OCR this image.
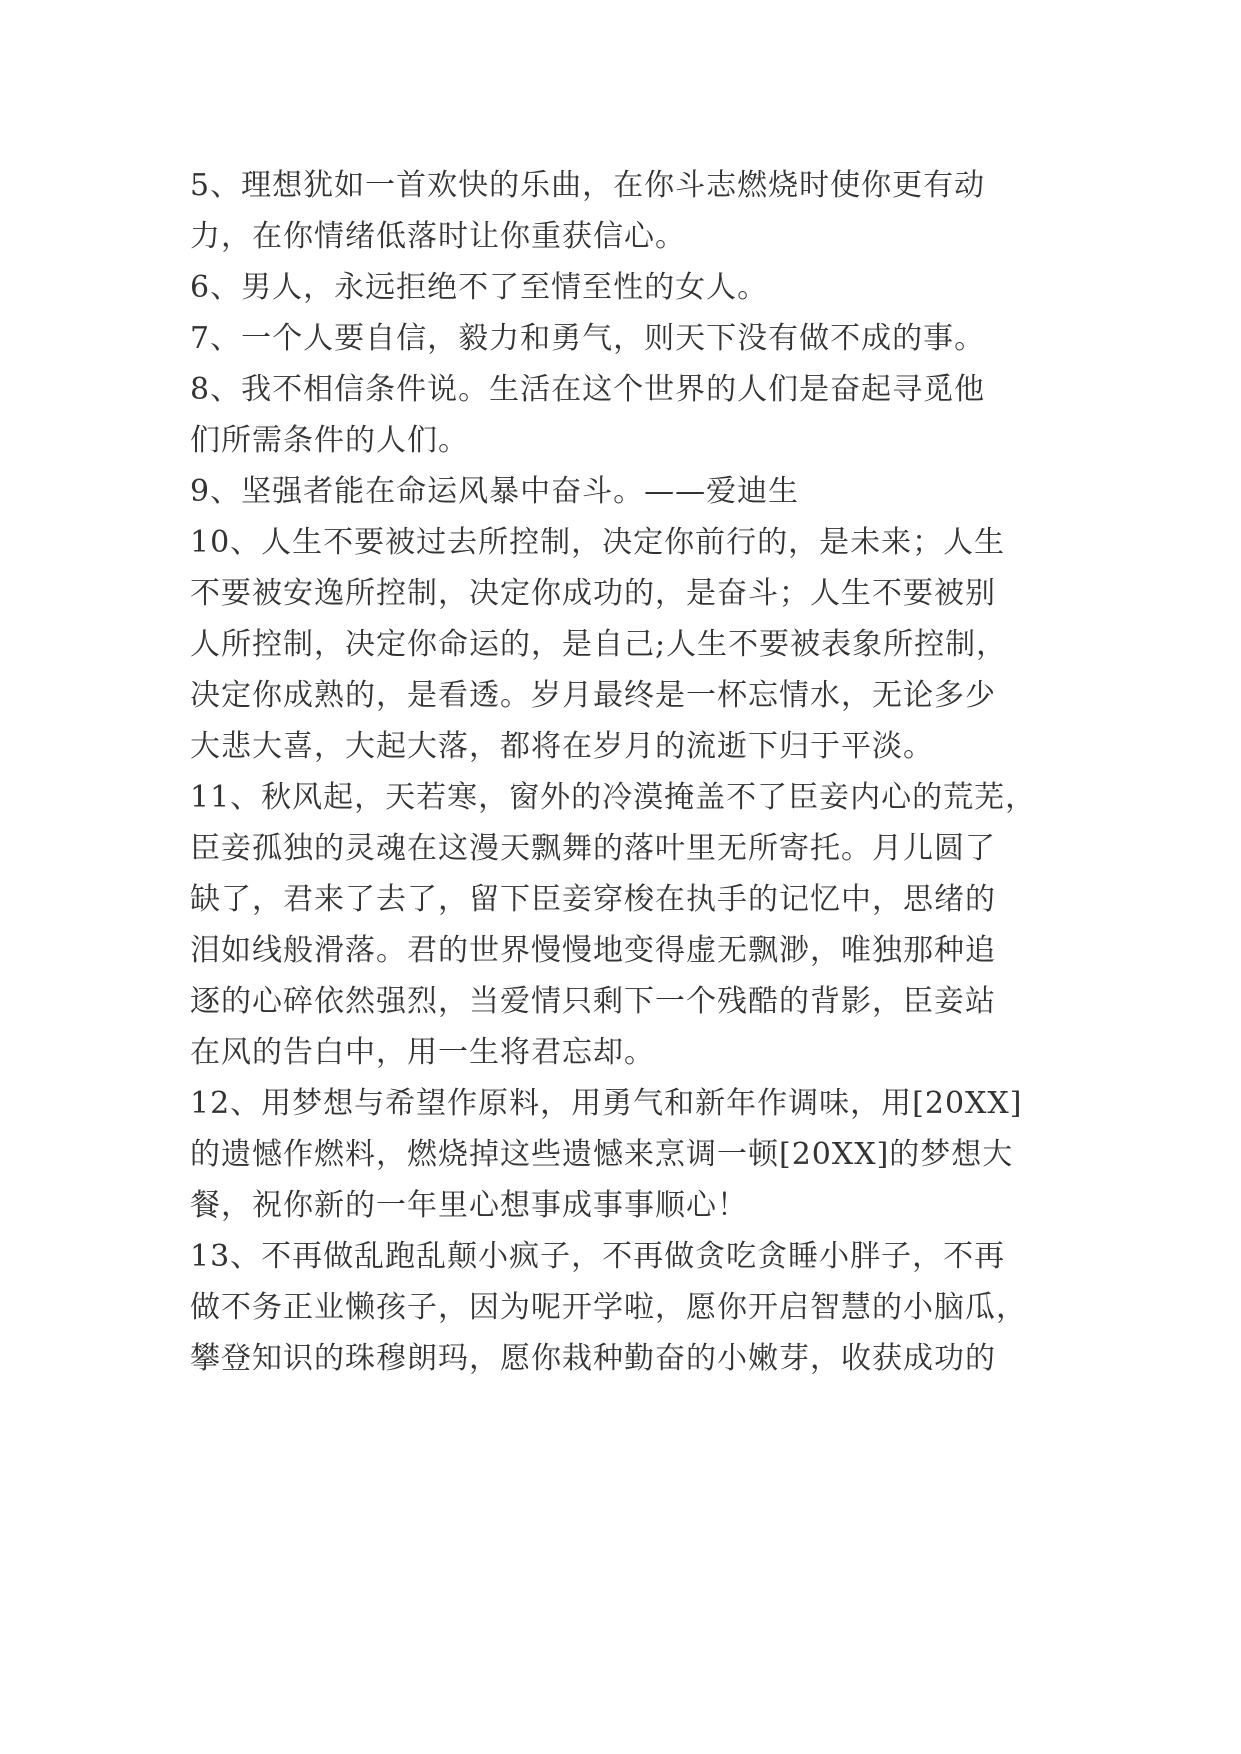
5、理想犹如一首欢快的乐曲，在你斗志燃烧时使你更有动
力，在你情绪低落时让你重获信心。

6、男人，永远拒绝不了至情至性的女人。

7、一个人要自信，毅力和勇气，则天下没有做不成的事。

8、我不相信条件说。生活在这个世界的人们是奋起寻觅他
们所需条件的人们。

9、坚强者能在命运风暴中奋斗。——爱迪生

10、人生不要被过去所控制，决定你前行的，是未来；人生
不要被安逸所控制，决定你成功的，是奋斗；人生不要被别
人所控制，决定你命运的，是自己;人生不要被表象所控制，
决定你成熟的，是看透。岁月最终是一杯忘情水，无论多少
大悲大喜，大起大落，都将在岁月的流逝下归于平淡。

11、秋风起，天若寒，窗外的冷漠掩盖不了臣妾内心的荒芜，
臣妾孤独的灵魂在这漫天飘舞的落叶里无所寄托。月儿圆了
缺了，君来了去了，留下臣妾穿梭在执手的记忆中，思绪的
泪如线般滑落。君的世界慢慢地变得虚无飘渺，唯独那种追
逐的心碎依然强烈，当爱情只剩下一个残酷的背影，臣妾站
在风的告白中，用一生将君忘却。

12、用梦想与希望作原料，用勇气和新年作调味，用[20XX]
的遗憾作燃料，燃烧掉这些遗憾来烹调一顿[20XX]的梦想大
餐，祝你新的一年里心想事成事事顺心！

13、不再做乱跑乱颠小疯子，不再做贪吃贪睡小胖子，不再
做不务正业懒孩子，因为呢开学啦，愿你开启智慧的小脑瓜，
攀登知识的珠穆朗玛，愿你栽种勤奋的小嫩芽，收获成功的
